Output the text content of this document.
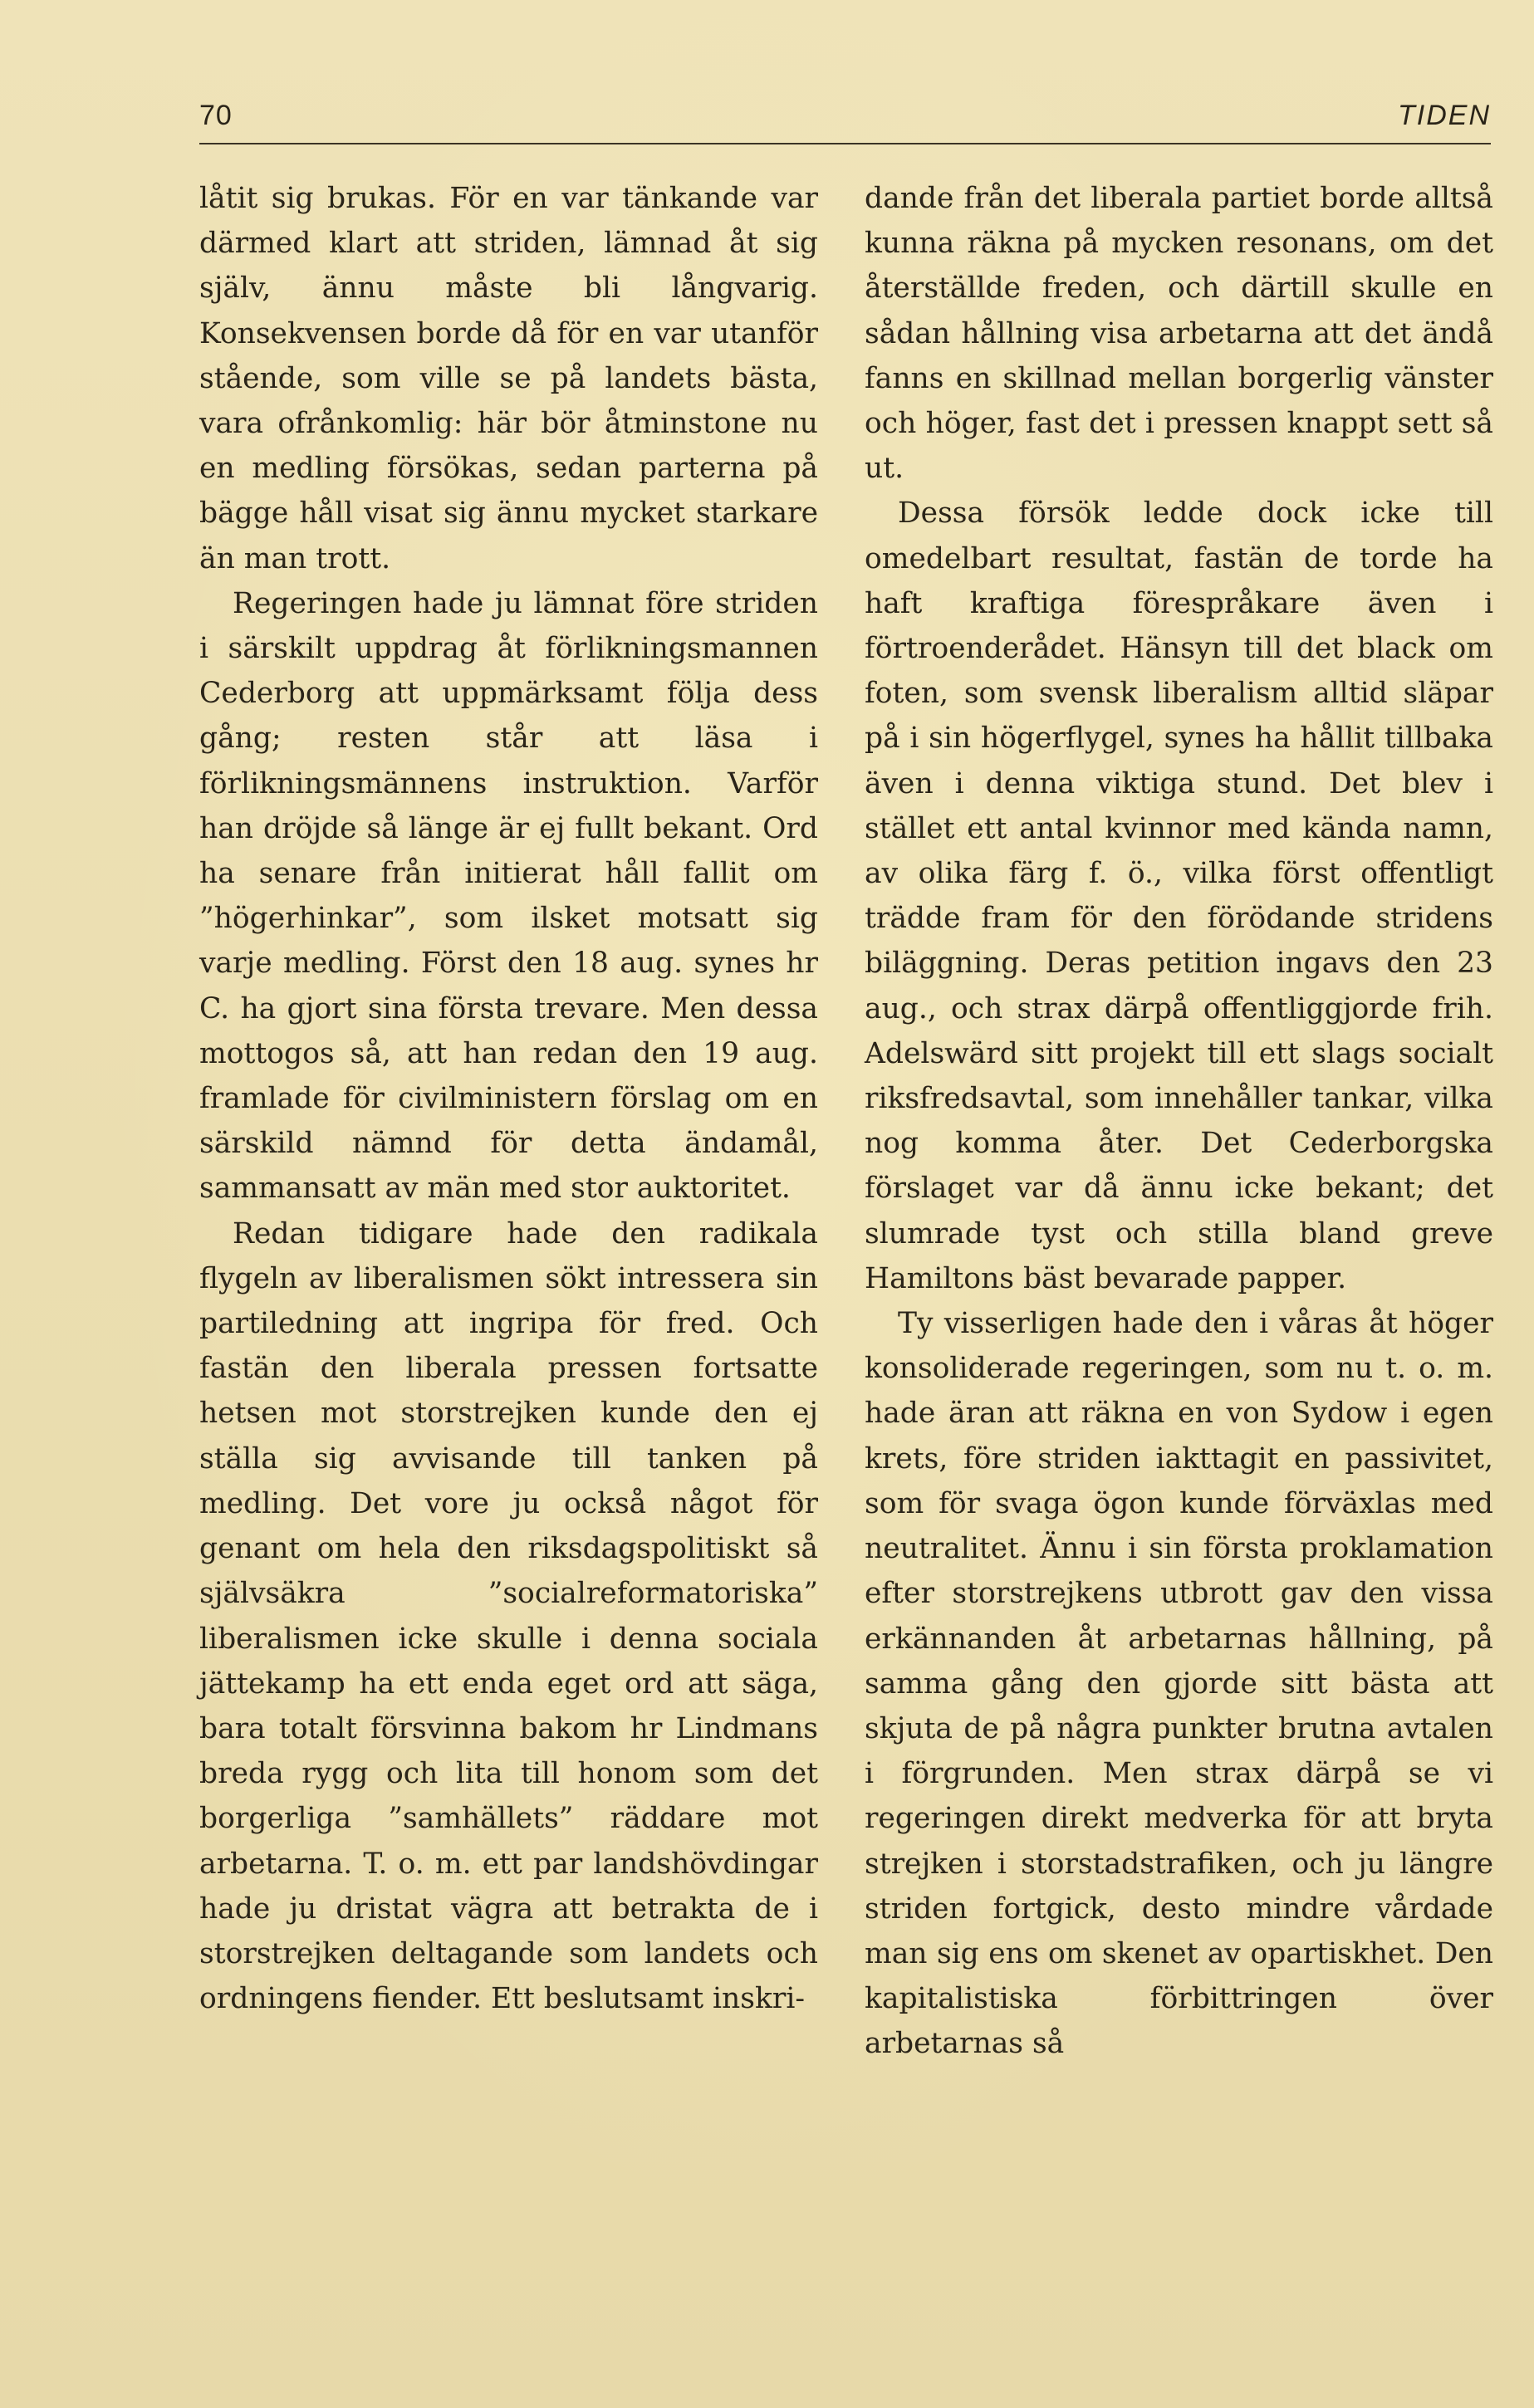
70	TIDEN

låtit sig brukas. För en var tänkande var därmed klart att striden, lämnad åt sig själv, ännu måste bli långvarig. Konsekvensen borde då för en var utanför stående, som ville se på landets bästa, vara ofrånkomlig: här bör åtminstone nu en medling försökas, sedan parterna på bägge håll visat sig ännu mycket starkare än man trott.

Regeringen hade ju lämnat före striden i särskilt uppdrag åt förlikningsmannen Cederborg att uppmärksamt följa dess gång; resten står att läsa i förlikningsmännens instruktion. Varför han dröjde så länge är ej fullt bekant. Ord ha senare från initierat håll fallit om ”högerhinkar”, som ilsket motsatt sig varje medling. Först den 18 aug. synes hr C. ha gjort sina första trevare. Men dessa mottogos så, att han redan den 19 aug. framlade för civilministern förslag om en särskild nämnd för detta ändamål, sammansatt av män med stor auktoritet.

Redan tidigare hade den radikala flygeln av liberalismen sökt intressera sin partiledning att ingripa för fred. Och fastän den liberala pressen fortsatte hetsen mot storstrejken kunde den ej ställa sig avvisande till tanken på medling. Det vore ju också något för genant om hela den riksdagspolitiskt så självsäkra ”socialreformatoriska” liberalismen icke skulle i denna sociala jättekamp ha ett enda eget ord att säga, bara totalt försvinna bakom hr Lindmans breda rygg och lita till honom som det borgerliga ”samhällets” räddare mot arbetarna. T. o. m. ett par landshövdingar hade ju dristat vägra att betrakta de i storstrejken deltagande som landets och ordningens fiender. Ett beslutsamt inskri-

dande från det liberala partiet borde alltså kunna räkna på mycken resonans, om det återställde freden, och därtill skulle en sådan hållning visa arbetarna att det ändå fanns en skillnad mellan borgerlig vänster och höger, fast det i pressen knappt sett så ut.

Dessa försök ledde dock icke till omedelbart resultat, fastän de torde ha haft kraftiga förespråkare även i förtroenderådet. Hänsyn till det black om foten, som svensk liberalism alltid släpar på i sin högerflygel, synes ha hållit tillbaka även i denna viktiga stund. Det blev i stället ett antal kvinnor med kända namn, av olika färg f. ö., vilka först offentligt trädde fram för den förödande stridens biläggning. Deras petition ingavs den 23 aug., och strax därpå offentliggjorde frih. Adelswärd sitt projekt till ett slags socialt riksfredsavtal, som innehåller tankar, vilka nog komma åter. Det Cederborgska förslaget var då ännu icke bekant; det slumrade tyst och stilla bland greve Hamiltons bäst bevarade papper.

Ty visserligen hade den i våras åt höger konsoliderade regeringen, som nu t. o. m. hade äran att räkna en von Sydow i egen krets, före striden iakttagit en passivitet, som för svaga ögon kunde förväxlas med neutralitet. Ännu i sin första proklamation efter storstrejkens utbrott gav den vissa erkännanden åt arbetarnas hållning, på samma gång den gjorde sitt bästa att skjuta de på några punkter brutna avtalen i förgrunden. Men strax därpå se vi regeringen direkt medverka för att bryta strejken i storstadstrafiken, och ju längre striden fortgick, desto mindre vårdade man sig ens om skenet av opartiskhet. Den kapitalistiska förbittringen över arbetarnas så
